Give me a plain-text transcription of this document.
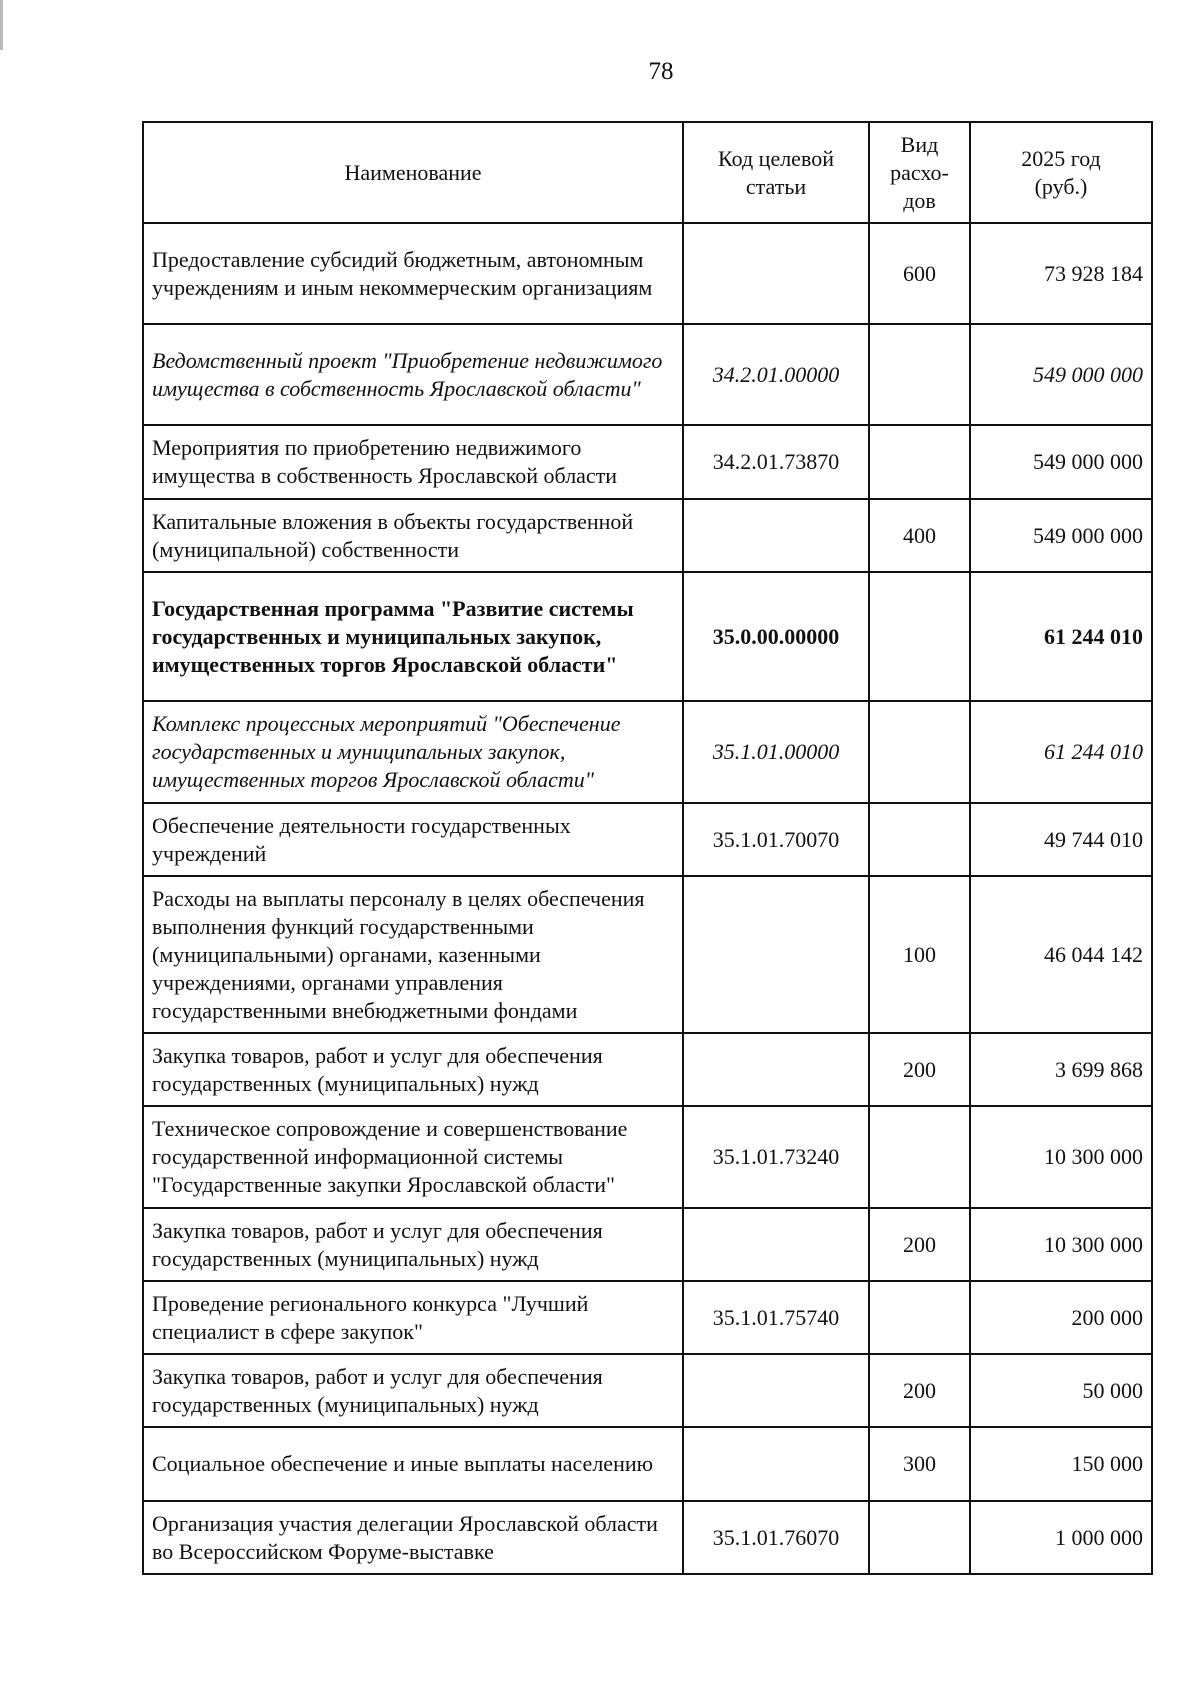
78
Наименование	Код целевой статьи	Вид расхо-дов	2025 год (руб.)
Предоставление субсидий бюджетным, автономным учреждениям и иным некоммерческим организациям		600	73 928 184
Ведомственный проект "Приобретение недвижимого имущества в собственность Ярославской области"	34.2.01.00000		549 000 000
Мероприятия по приобретению недвижимого имущества в собственность Ярославской области	34.2.01.73870		549 000 000
Капитальные вложения в объекты государственной (муниципальной) собственности		400	549 000 000
Государственная программа "Развитие системы государственных и муниципальных закупок, имущественных торгов Ярославской области"	35.0.00.00000		61 244 010
Комплекс процессных мероприятий "Обеспечение государственных и муниципальных закупок, имущественных торгов Ярославской области"	35.1.01.00000		61 244 010
Обеспечение деятельности государственных учреждений	35.1.01.70070		49 744 010
Расходы на выплаты персоналу в целях обеспечения выполнения функций государственными (муниципальными) органами, казенными учреждениями, органами управления государственными внебюджетными фондами		100	46 044 142
Закупка товаров, работ и услуг для обеспечения государственных (муниципальных) нужд		200	3 699 868
Техническое сопровождение и совершенствование государственной информационной системы "Государственные закупки Ярославской области"	35.1.01.73240		10 300 000
Закупка товаров, работ и услуг для обеспечения государственных (муниципальных) нужд		200	10 300 000
Проведение регионального конкурса "Лучший специалист в сфере закупок"	35.1.01.75740		200 000
Закупка товаров, работ и услуг для обеспечения государственных (муниципальных) нужд		200	50 000
Социальное обеспечение и иные выплаты населению		300	150 000
Организация участия делегации Ярославской области во Всероссийском Форуме-выставке	35.1.01.76070		1 000 000
